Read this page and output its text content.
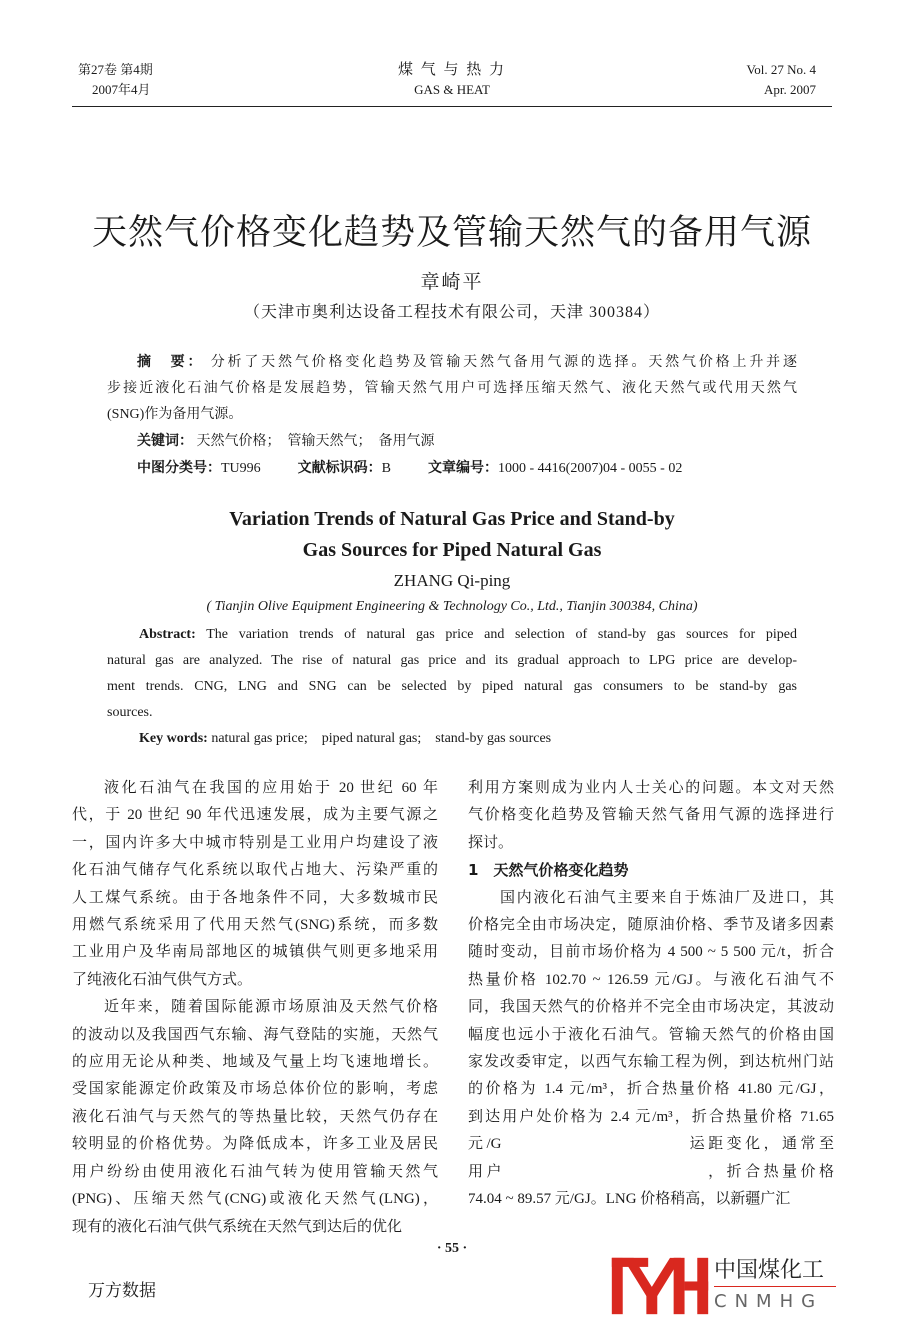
第27卷 第4期
2007年4月
煤 气 与 热 力
GAS & HEAT
Vol. 27 No. 4
Apr. 2007
天然气价格变化趋势及管输天然气的备用气源
章崎平
（天津市奥利达设备工程技术有限公司，天津 300384）
摘　要： 分析了天然气价格变化趋势及管输天然气备用气源的选择。天然气价格上升并逐
步接近液化石油气价格是发展趋势，管输天然气用户可选择压缩天然气、液化天然气或代用天然气
(SNG)作为备用气源。
关键词： 天然气价格；　管输天然气；　备用气源
中图分类号：TU996	文献标识码：B	文章编号：1000 - 4416(2007)04 - 0055 - 02
Variation Trends of Natural Gas Price and Stand-by
Gas Sources for Piped Natural Gas
ZHANG Qi-ping
( Tianjin Olive Equipment Engineering & Technology Co., Ltd., Tianjin 300384, China)
Abstract: The variation trends of natural gas price and selection of stand-by gas sources for piped
natural gas are analyzed. The rise of natural gas price and its gradual approach to LPG price are develop-
ment trends. CNG, LNG and SNG can be selected by piped natural gas consumers to be stand-by gas
sources.
Key words: natural gas price;　piped natural gas;　stand-by gas sources
液化石油气在我国的应用始于 20 世纪 60 年
代，于 20 世纪 90 年代迅速发展，成为主要气源之
一，国内许多大中城市特别是工业用户均建设了液
化石油气储存气化系统以取代占地大、污染严重的
人工煤气系统。由于各地条件不同，大多数城市民
用燃气系统采用了代用天然气(SNG)系统，而多数
工业用户及华南局部地区的城镇供气则更多地采用
了纯液化石油气供气方式。
近年来，随着国际能源市场原油及天然气价格
的波动以及我国西气东输、海气登陆的实施，天然气
的应用无论从种类、地域及气量上均飞速地增长。
受国家能源定价政策及市场总体价位的影响，考虑
液化石油气与天然气的等热量比较，天然气仍存在
较明显的价格优势。为降低成本，许多工业及居民
用户纷纷由使用液化石油气转为使用管输天然气
(PNG)、压缩天然气(CNG)或液化天然气(LNG)，
现有的液化石油气供气系统在天然气到达后的优化
利用方案则成为业内人士关心的问题。本文对天然
气价格变化趋势及管输天然气备用气源的选择进行
探讨。
1　天然气价格变化趋势
国内液化石油气主要来自于炼油厂及进口，其
价格完全由市场决定，随原油价格、季节及诸多因素
随时变动，目前市场价格为 4 500 ~ 5 500 元/t，折合
热量价格 102.70 ~ 126.59 元/GJ。与液化石油气不
同，我国天然气的价格并不完全由市场决定，其波动
幅度也远小于液化石油气。管输天然气的价格由国
家发改委审定，以西气东输工程为例，到达杭州门站
的价格为 1.4 元/m³，折合热量价格 41.80 元/GJ，
到达用户处价格为 2.4 元/m³，折合热量价格 71.65
元/G　　　　　　　　　　运距变化，通常至
用户　　　　　　　　　　　，折合热量价格
74.04 ~ 89.57 元/GJ。LNG 价格稍高，以新疆广汇
中国煤化工
CNMHG
· 55 ·
万方数据
